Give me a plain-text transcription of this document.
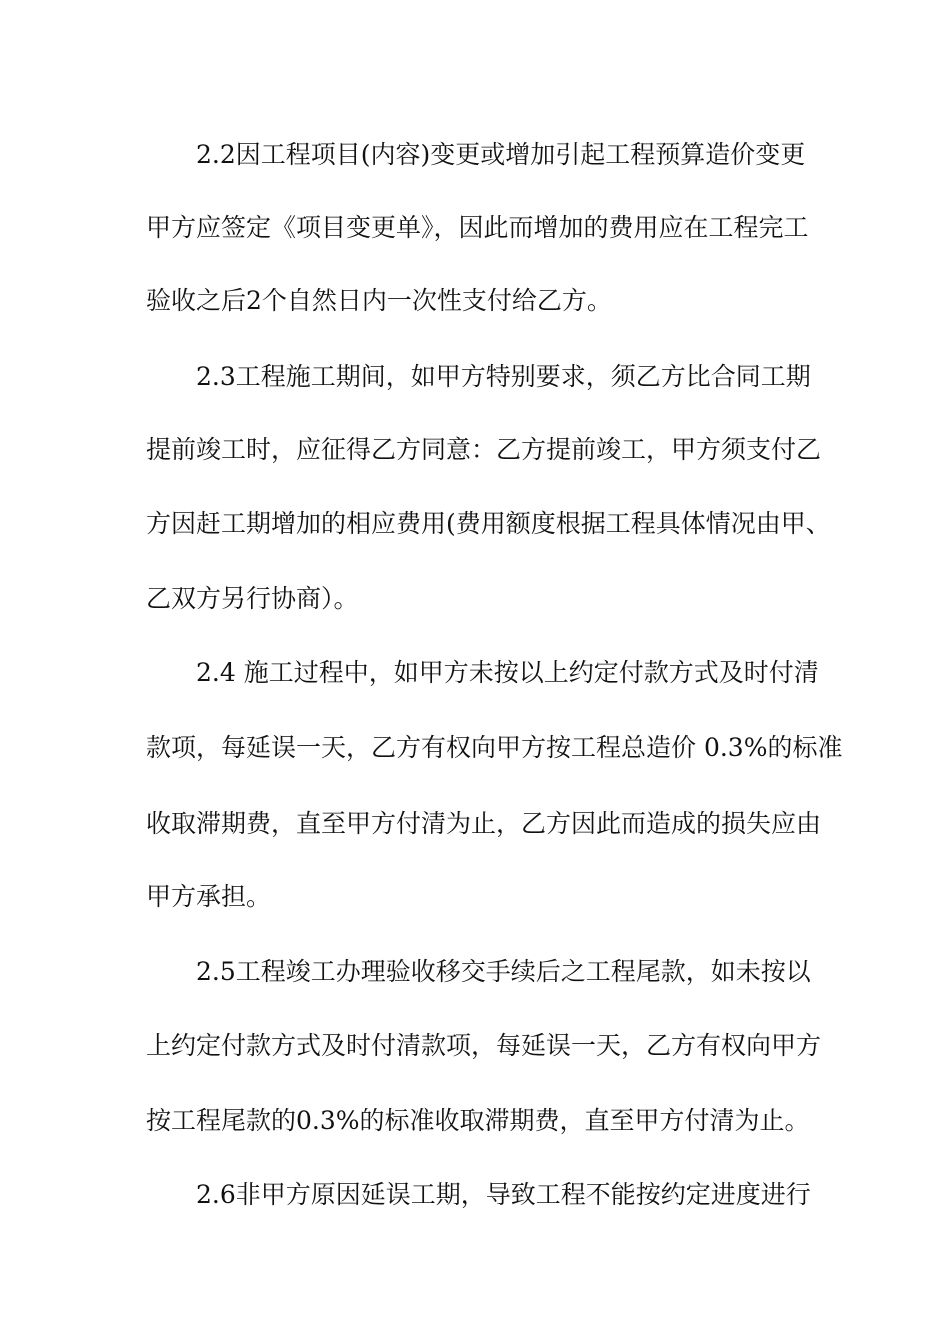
　　2.2因工程项目(内容)变更或增加引起工程预算造价变更
甲方应签定《项目变更单》，因此而增加的费用应在工程完工
验收之后2个自然日内一次性支付给乙方。
　　2.3工程施工期间，如甲方特别要求，须乙方比合同工期
提前竣工时，应征得乙方同意：乙方提前竣工，甲方须支付乙
方因赶工期增加的相应费用(费用额度根据工程具体情况由甲、
乙双方另行协商）。
　　2.4 施工过程中，如甲方未按以上约定付款方式及时付清
款项，每延误一天，乙方有权向甲方按工程总造价 0.3%的标准
收取滞期费，直至甲方付清为止，乙方因此而造成的损失应由
甲方承担。
　　2.5工程竣工办理验收移交手续后之工程尾款，如未按以
上约定付款方式及时付清款项，每延误一天，乙方有权向甲方
按工程尾款的0.3%的标准收取滞期费，直至甲方付清为止。
　　2.6非甲方原因延误工期，导致工程不能按约定进度进行
